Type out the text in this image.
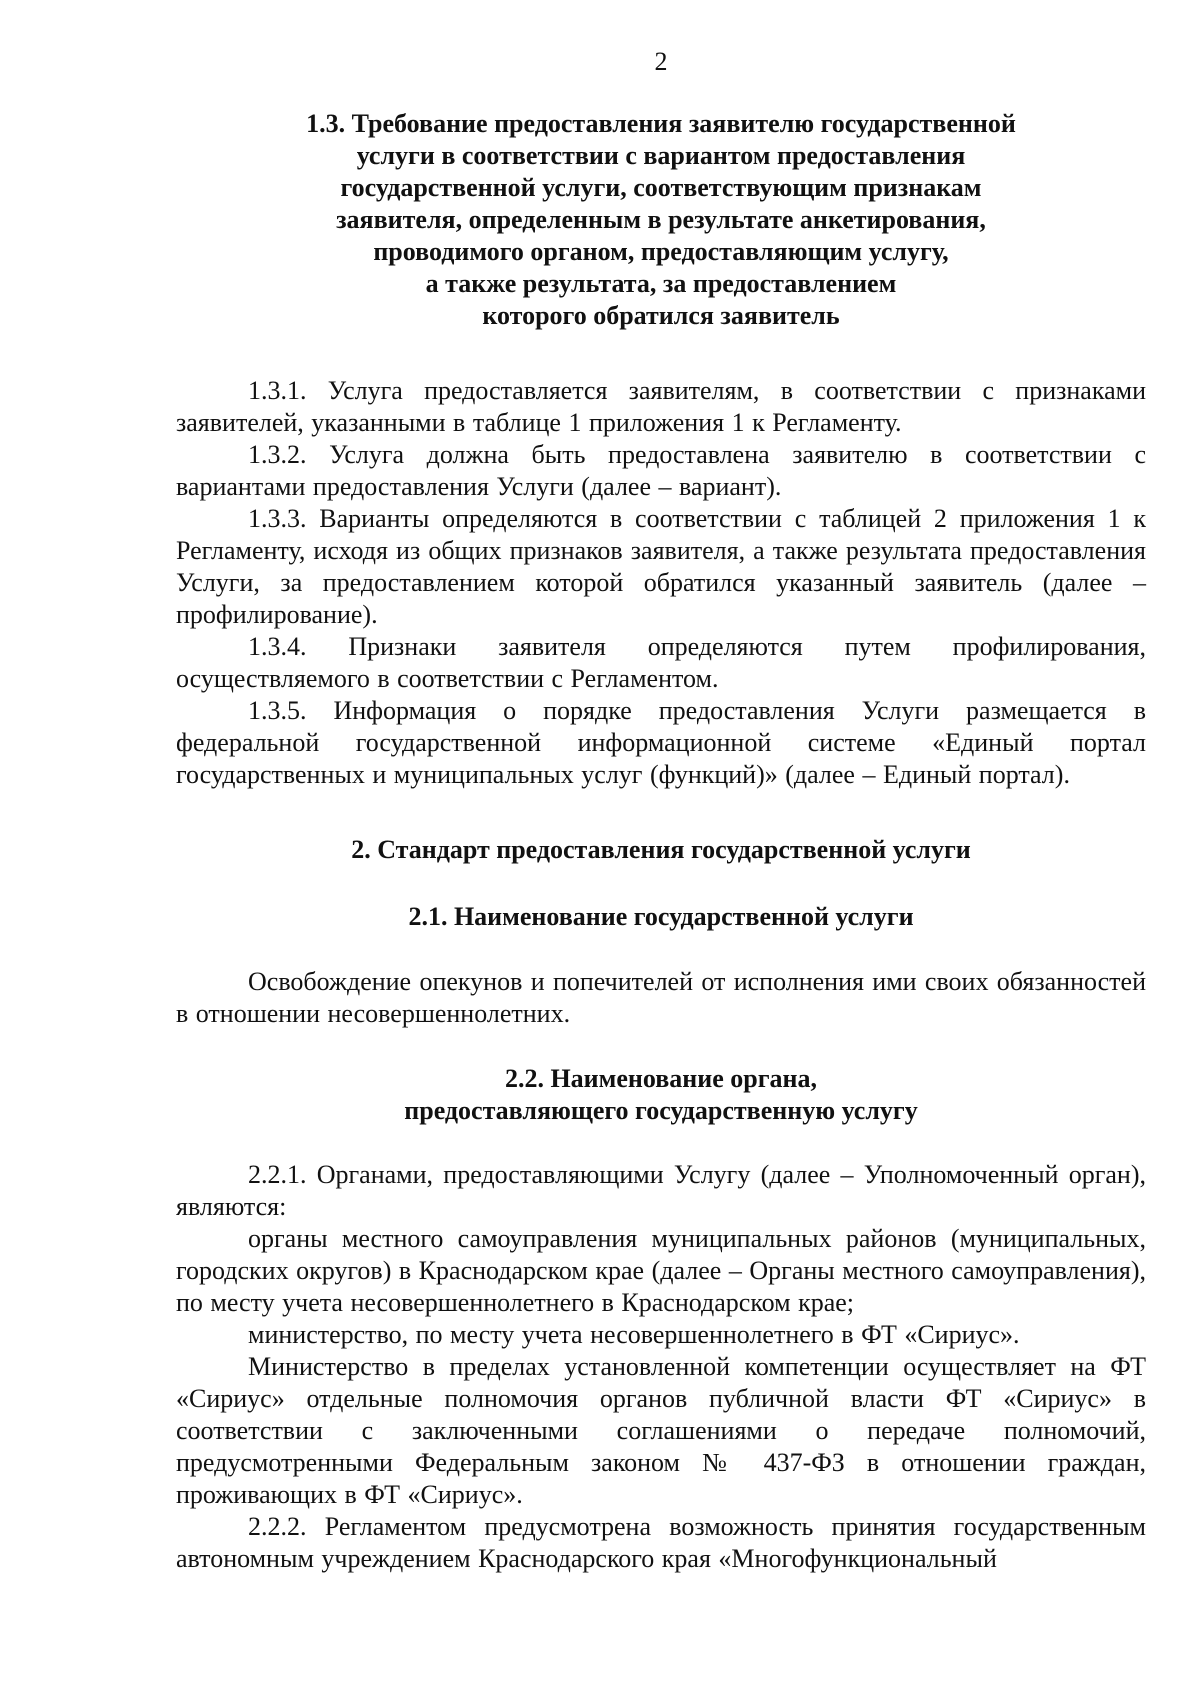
2

1.3. Требование предоставления заявителю государственной

услуги в соответствии с вариантом предоставления

государственной услуги, соответствующим признакам

заявителя, определенным в результате анкетирования,

проводимого органом, предоставляющим услугу,

а также результата, за предоставлением

которого обратился заявитель

1.3.1. Услуга предоставляется заявителям, в соответствии с признаками заявителей, указанными в таблице 1 приложения 1 к Регламенту.

1.3.2. Услуга должна быть предоставлена заявителю в соответствии с вариантами предоставления Услуги (далее – вариант).

1.3.3. Варианты определяются в соответствии с таблицей 2 приложения 1 к Регламенту, исходя из общих признаков заявителя, а также результата предоставления Услуги, за предоставлением которой обратился указанный заявитель (далее – профилирование).

1.3.4. Признаки заявителя определяются путем профилирования, осуществляемого в соответствии с Регламентом.

1.3.5. Информация о порядке предоставления Услуги размещается в федеральной государственной информационной системе «Единый портал государственных и муниципальных услуг (функций)» (далее – Единый портал).

2. Стандарт предоставления государственной услуги

2.1. Наименование государственной услуги

Освобождение опекунов и попечителей от исполнения ими своих обязанностей в отношении несовершеннолетних.

2.2. Наименование органа,

предоставляющего государственную услугу

2.2.1. Органами, предоставляющими Услугу (далее – Уполномоченный орган), являются:

органы местного самоуправления муниципальных районов (муниципальных, городских округов) в Краснодарском крае (далее – Органы местного самоуправления), по месту учета несовершеннолетнего в Краснодарском крае;

министерство, по месту учета несовершеннолетнего в ФТ «Сириус».

Министерство в пределах установленной компетенции осуществляет на ФТ «Сириус» отдельные полномочия органов публичной власти ФТ «Сириус» в соответствии с заключенными соглашениями о передаче полномочий, предусмотренными Федеральным законом № 437-ФЗ в отношении граждан, проживающих в ФТ «Сириус».

2.2.2. Регламентом предусмотрена возможность принятия государственным автономным учреждением Краснодарского края «Многофункциональный
